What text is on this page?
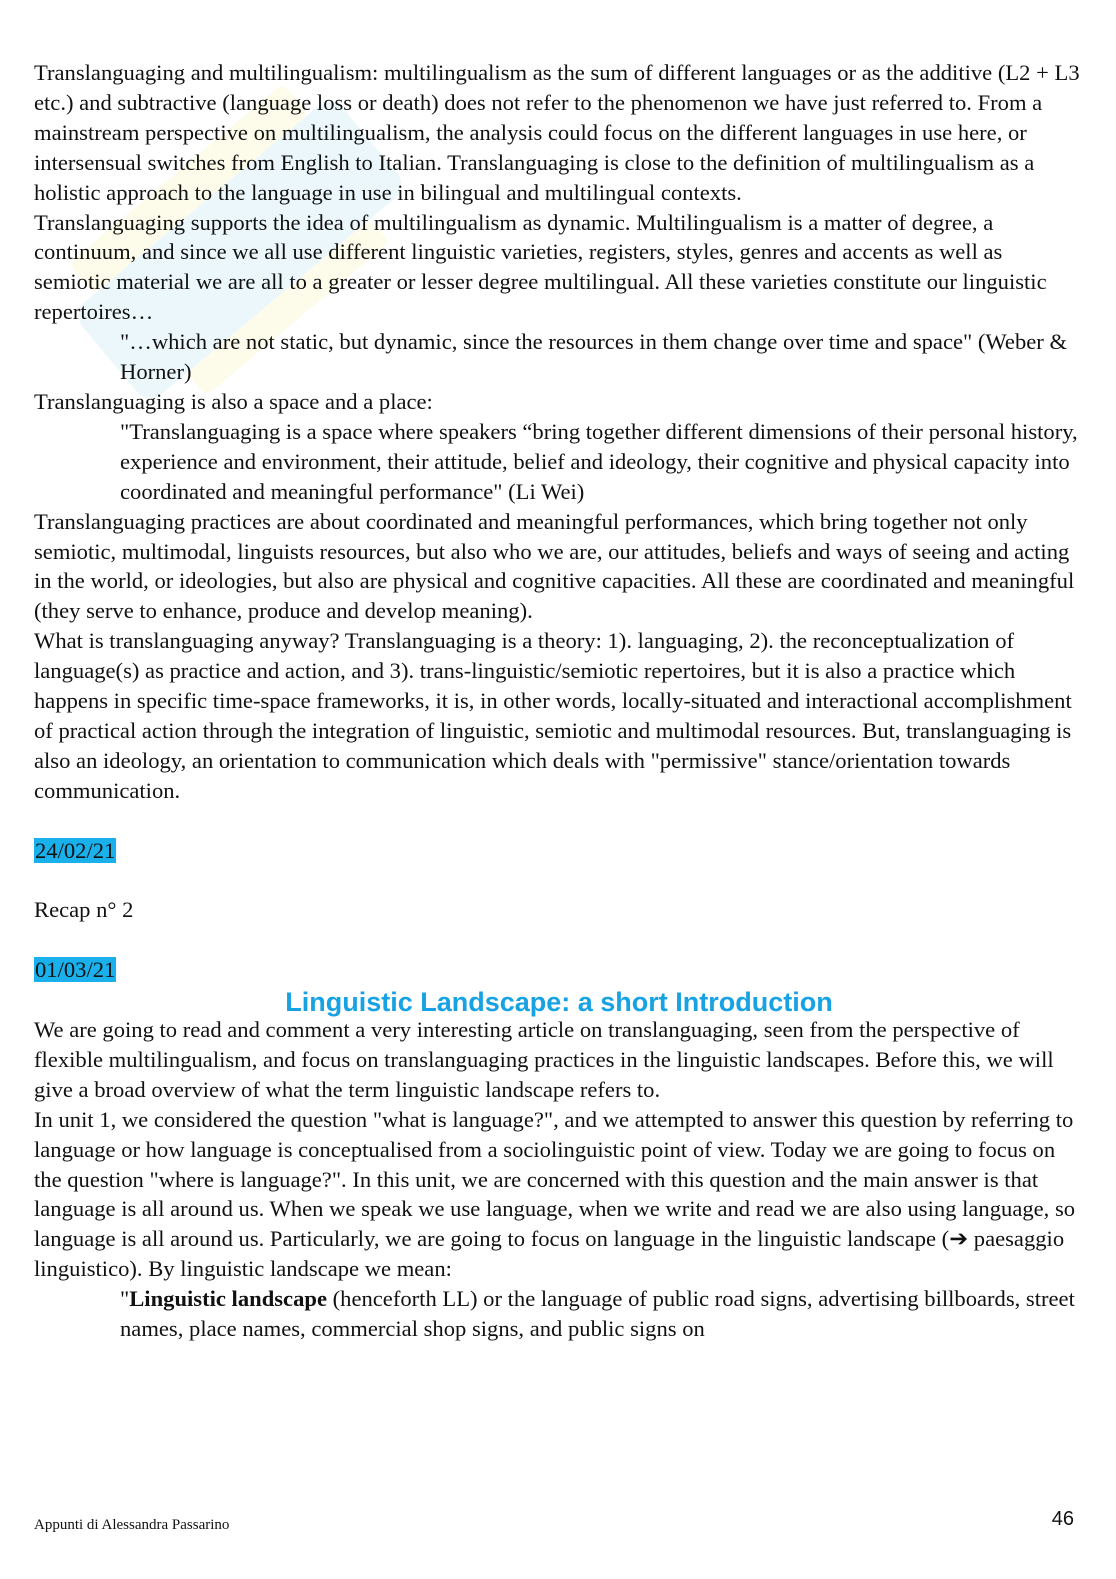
Translanguaging and multilingualism: multilingualism as the sum of different languages or as the additive (L2 + L3 etc.) and subtractive (language loss or death) does not refer to the phenomenon we have just referred to. From a mainstream perspective on multilingualism, the analysis could focus on the different languages in use here, or intersensual switches from English to Italian. Translanguaging is close to the definition of multilingualism as a holistic approach to the language in use in bilingual and multilingual contexts.

Translanguaging supports the idea of multilingualism as dynamic. Multilingualism is a matter of degree, a continuum, and since we all use different linguistic varieties, registers, styles, genres and accents as well as semiotic material we are all to a greater or lesser degree multilingual. All these varieties constitute our linguistic repertoires…

"…which are not static, but dynamic, since the resources in them change over time and space" (Weber & Horner)

Translanguaging is also a space and a place:

"Translanguaging is a space where speakers “bring together different dimensions of their personal history, experience and environment, their attitude, belief and ideology, their cognitive and physical capacity into coordinated and meaningful performance" (Li Wei)

Translanguaging practices are about coordinated and meaningful performances, which bring together not only semiotic, multimodal, linguists resources, but also who we are, our attitudes, beliefs and ways of seeing and acting in the world, or ideologies, but also are physical and cognitive capacities. All these are coordinated and meaningful (they serve to enhance, produce and develop meaning).

What is translanguaging anyway? Translanguaging is a theory: 1). languaging, 2). the reconceptualization of language(s) as practice and action, and 3). trans-linguistic/semiotic repertoires, but it is also a practice which happens in specific time-space frameworks, it is, in other words, locally-situated and interactional accomplishment of practical action through the integration of linguistic, semiotic and multimodal resources. But, translanguaging is also an ideology, an orientation to communication which deals with "permissive" stance/orientation towards communication.

24/02/21

Recap n° 2

01/03/21

Linguistic Landscape: a short Introduction

We are going to read and comment a very interesting article on translanguaging, seen from the perspective of flexible multilingualism, and focus on translanguaging practices in the linguistic landscapes. Before this, we will give a broad overview of what the term linguistic landscape refers to.

In unit 1, we considered the question "what is language?", and we attempted to answer this question by referring to language or how language is conceptualised from a sociolinguistic point of view. Today we are going to focus on the question "where is language?". In this unit, we are concerned with this question and the main answer is that language is all around us. When we speak we use language, when we write and read we are also using language, so language is all around us. Particularly, we are going to focus on language in the linguistic landscape (➔ paesaggio linguistico). By linguistic landscape we mean:

"Linguistic landscape (henceforth LL) or the language of public road signs, advertising billboards, street names, place names, commercial shop signs, and public signs on

Appunti di Alessandra Passarino	46
